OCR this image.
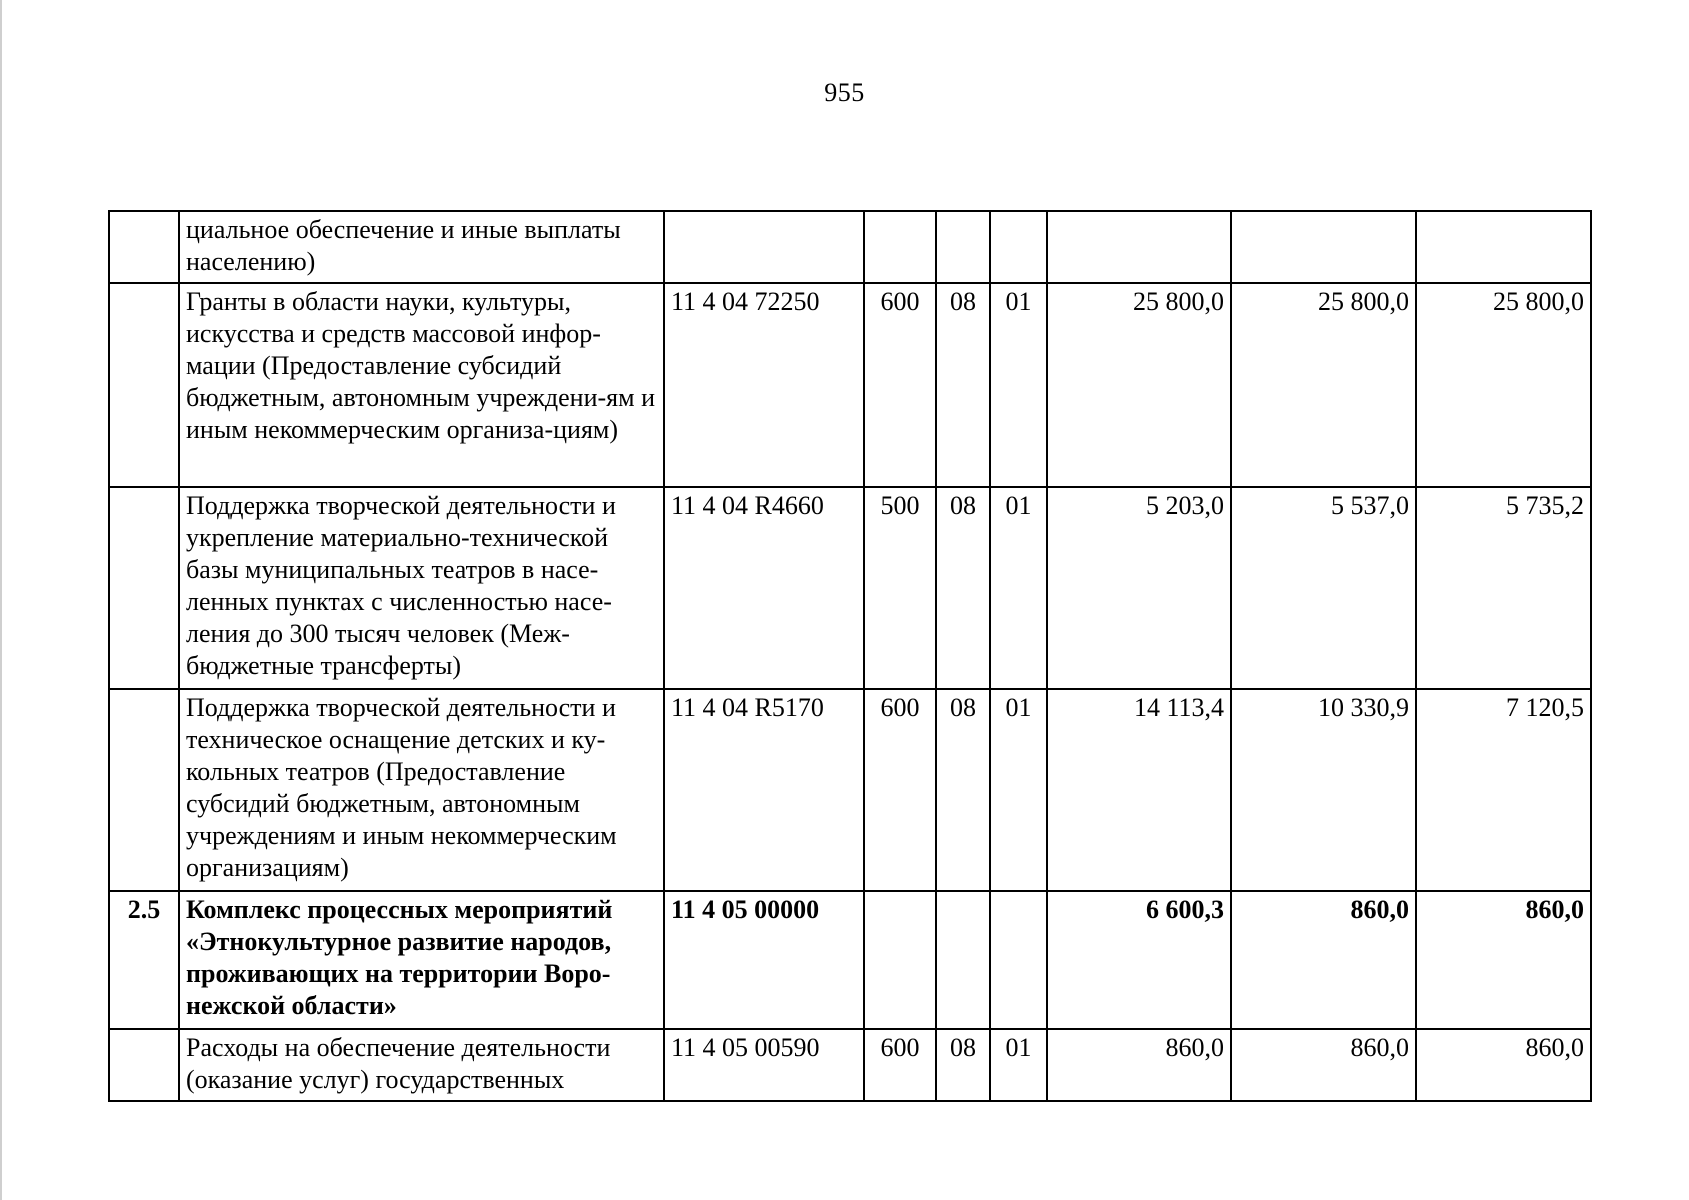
955
	циальное обеспечение и иные выплаты населению)							
	Гранты в области науки, культуры, искусства и средств массовой инфор-мации (Предоставление субсидий бюджетным, автономным учреждени-ям и иным некоммерческим организа-циям)	11 4 04 72250	600	08	01	25 800,0	25 800,0	25 800,0
	Поддержка творческой деятельности и укрепление материально-технической базы муниципальных театров в насе-ленных пунктах с численностью насе-ления до 300 тысяч человек (Меж-бюджетные трансферты)	11 4 04 R4660	500	08	01	5 203,0	5 537,0	5 735,2
	Поддержка творческой деятельности и техническое оснащение детских и ку-кольных театров (Предоставление субсидий бюджетным, автономным учреждениям и иным некоммерческим организациям)	11 4 04 R5170	600	08	01	14 113,4	10 330,9	7 120,5
2.5	Комплекс процессных мероприятий «Этнокультурное развитие народов, проживающих на территории Воро-нежской области»	11 4 05 00000				6 600,3	860,0	860,0
	Расходы на обеспечение деятельности (оказание услуг) государственных	11 4 05 00590	600	08	01	860,0	860,0	860,0
